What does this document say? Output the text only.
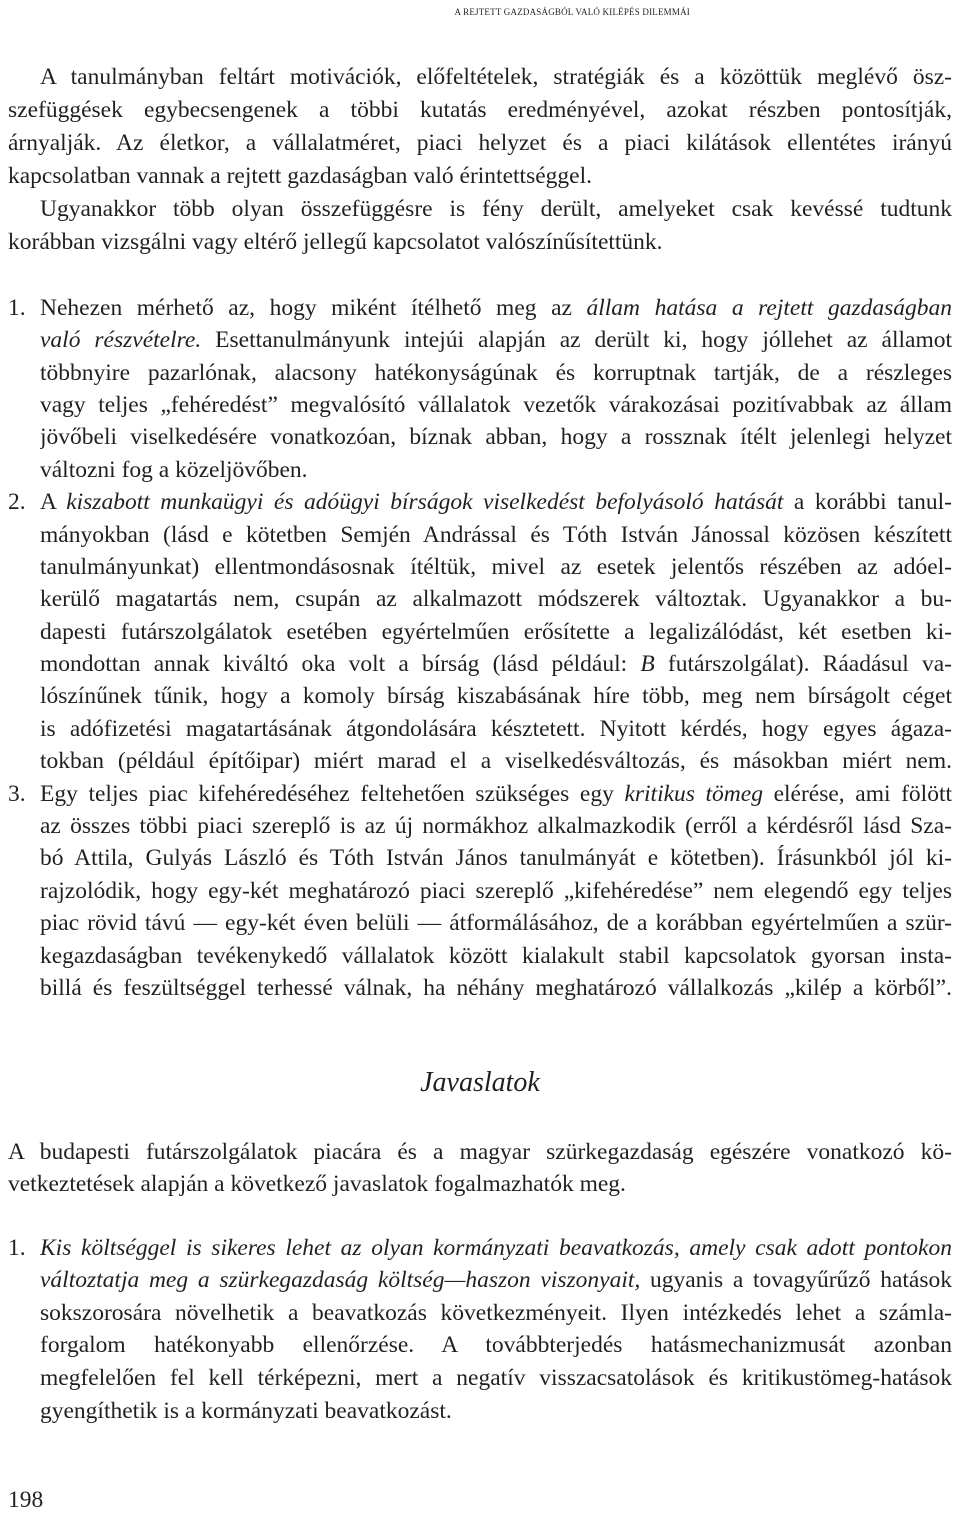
A REJTETT GAZDASÁGBÓL VALÓ KILÉPÉS DILEMMÁI
A tanulmányban feltárt motivációk, előfeltételek, stratégiák és a közöttük meglévő ösz-
szefüggések egybecsengenek a többi kutatás eredményével, azokat részben pontosítják,
árnyalják. Az életkor, a vállalatméret, piaci helyzet és a piaci kilátások ellentétes irányú
kapcsolatban vannak a rejtett gazdaságban való érintettséggel.
Ugyanakkor több olyan összefüggésre is fény derült, amelyeket csak kevéssé tudtunk
korábban vizsgálni vagy eltérő jellegű kapcsolatot valószínűsítettünk.
1. Nehezen mérhető az, hogy miként ítélhető meg az állam hatása a rejtett gazdaságban
való részvételre. Esettanulmányunk intejúi alapján az derült ki, hogy jóllehet az államot
többnyire pazarlónak, alacsony hatékonyságúnak és korruptnak tartják, de a részleges
vagy teljes „fehéredést” megvalósító vállalatok vezetők várakozásai pozitívabbak az állam
jövőbeli viselkedésére vonatkozóan, bíznak abban, hogy a rossznak ítélt jelenlegi helyzet
változni fog a közeljövőben.
2. A kiszabott munkaügyi és adóügyi bírságok viselkedést befolyásoló hatását a korábbi tanul-
mányokban (lásd e kötetben Semjén Andrással és Tóth István Jánossal közösen készített
tanulmányunkat) ellentmondásosnak ítéltük, mivel az esetek jelentős részében az adóel-
kerülő magatartás nem, csupán az alkalmazott módszerek változtak. Ugyanakkor a bu-
dapesti futárszolgálatok esetében egyértelműen erősítette a legalizálódást, két esetben ki-
mondottan annak kiváltó oka volt a bírság (lásd például: B futárszolgálat). Ráadásul va-
lószínűnek tűnik, hogy a komoly bírság kiszabásának híre több, meg nem bírságolt céget
is adófizetési magatartásának átgondolására késztetett. Nyitott kérdés, hogy egyes ágaza-
tokban (például építőipar) miért marad el a viselkedésváltozás, és másokban miért nem.
3. Egy teljes piac kifehéredéséhez feltehetően szükséges egy kritikus tömeg elérése, ami fölött
az összes többi piaci szereplő is az új normákhoz alkalmazkodik (erről a kérdésről lásd Sza-
bó Attila, Gulyás László és Tóth István János tanulmányát e kötetben). Írásunkból jól ki-
rajzolódik, hogy egy-két meghatározó piaci szereplő „kifehéredése” nem elegendő egy teljes
piac rövid távú — egy-két éven belüli — átformálásához, de a korábban egyértelműen a szür-
kegazdaságban tevékenykedő vállalatok között kialakult stabil kapcsolatok gyorsan insta-
billá és feszültséggel terhessé válnak, ha néhány meghatározó vállalkozás „kilép a körből”.
Javaslatok
A budapesti futárszolgálatok piacára és a magyar szürkegazdaság egészére vonatkozó kö-
vetkeztetések alapján a következő javaslatok fogalmazhatók meg.
1. Kis költséggel is sikeres lehet az olyan kormányzati beavatkozás, amely csak adott pontokon
változtatja meg a szürkegazdaság költség—haszon viszonyait, ugyanis a tovagyűrűző hatások
sokszorosára növelhetik a beavatkozás következményeit. Ilyen intézkedés lehet a számla-
forgalom hatékonyabb ellenőrzése. A továbbterjedés hatásmechanizmusát azonban
megfelelően fel kell térképezni, mert a negatív visszacsatolások és kritikustömeg-hatások
gyengíthetik is a kormányzati beavatkozást.
198
